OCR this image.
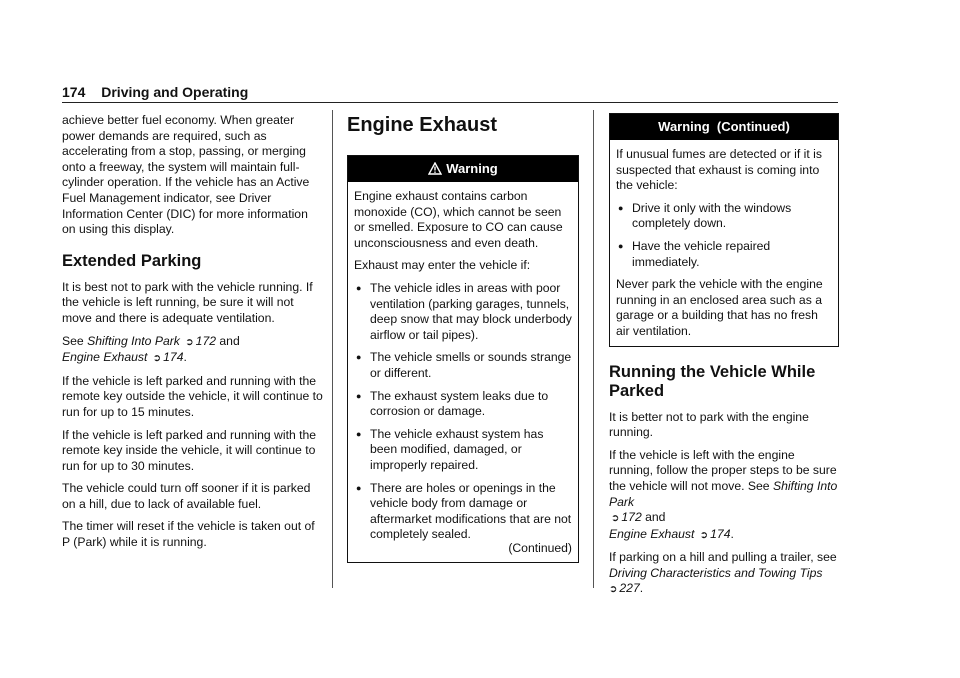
174 Driving and Operating

achieve better fuel economy. When greater power demands are required, such as accelerating from a stop, passing, or merging onto a freeway, the system will maintain full-cylinder operation. If the vehicle has an Active Fuel Management indicator, see Driver Information Center (DIC) for more information on using this display.

Extended Parking

It is best not to park with the vehicle running. If the vehicle is left running, be sure it will not move and there is adequate ventilation.

See Shifting Into Park ➲ 172 and
Engine Exhaust ➲ 174.

If the vehicle is left parked and running with the remote key outside the vehicle, it will continue to run for up to 15 minutes.

If the vehicle is left parked and running with the remote key inside the vehicle, it will continue to run for up to 30 minutes.

The vehicle could turn off sooner if it is parked on a hill, due to lack of available fuel.

The timer will reset if the vehicle is taken out of P (Park) while it is running.

Engine Exhaust
Warning

Engine exhaust contains carbon monoxide (CO), which cannot be seen or smelled. Exposure to CO can cause unconsciousness and even death.

Exhaust may enter the vehicle if:

● The vehicle idles in areas with poor ventilation (parking garages, tunnels, deep snow that may block underbody airflow or tail pipes).
● The vehicle smells or sounds strange or different.
● The exhaust system leaks due to corrosion or damage.
● The vehicle exhaust system has been modified, damaged, or improperly repaired.
● There are holes or openings in the vehicle body from damage or aftermarket modifications that are not completely sealed.
(Continued)
Warning  (Continued)

If unusual fumes are detected or if it is suspected that exhaust is coming into the vehicle:

● Drive it only with the windows completely down.
● Have the vehicle repaired immediately.

Never park the vehicle with the engine running in an enclosed area such as a garage or a building that has no fresh air ventilation.

Running the Vehicle While Parked

It is better not to park with the engine running.

If the vehicle is left with the engine running, follow the proper steps to be sure the vehicle will not move. See Shifting Into Park
➲ 172 and
Engine Exhaust ➲ 174.

If parking on a hill and pulling a trailer, see
Driving Characteristics and Towing Tips
➲ 227.
